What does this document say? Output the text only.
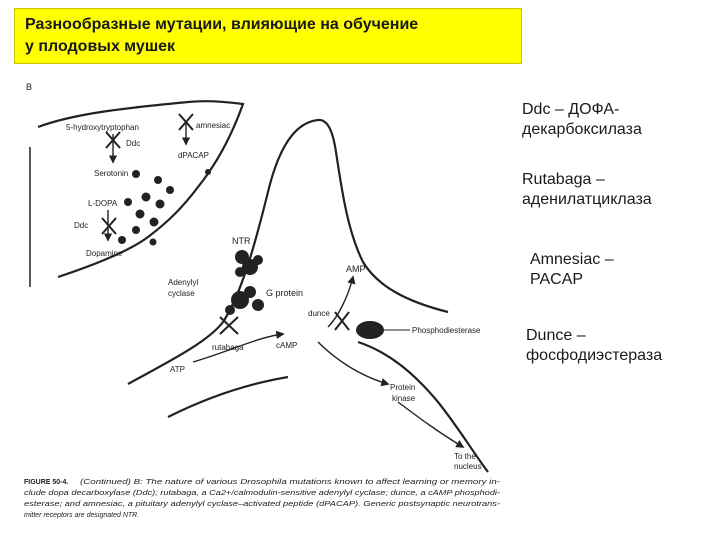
Разнообразные мутации, влияющие на обучение
у плодовых мушек
B
5-hydroxytryptophan	amnesiac
Ddc
dPACAP
Serotonin
L-DOPA
Ddc
Dopamine
NTR
Adenylyl
cyclase	G protein
AMP
dunce
Phosphodiesterase
cAMP
rutabaga
ATP
Protein
kinase
To the
nucleus
FIGURE 50-4. (Continued) B: The nature of various Drosophila mutations known to affect learning or memory in-
clude dopa decarboxylase (Ddc); rutabaga, a Ca2+/calmodulin-sensitive adenylyl cyclase; dunce, a cAMP phosphodi-
esterase; and amnesiac, a pituitary adenylyl cyclase–activated peptide (dPACAP). Generic postsynaptic neurotrans-
mitter receptors are designated NTR.
Ddc – ДОФА-
декарбоксилаза
Rutabaga –
аденилатциклаза
Amnesiac –
PACAP
Dunce –
фосфодиэстераза
